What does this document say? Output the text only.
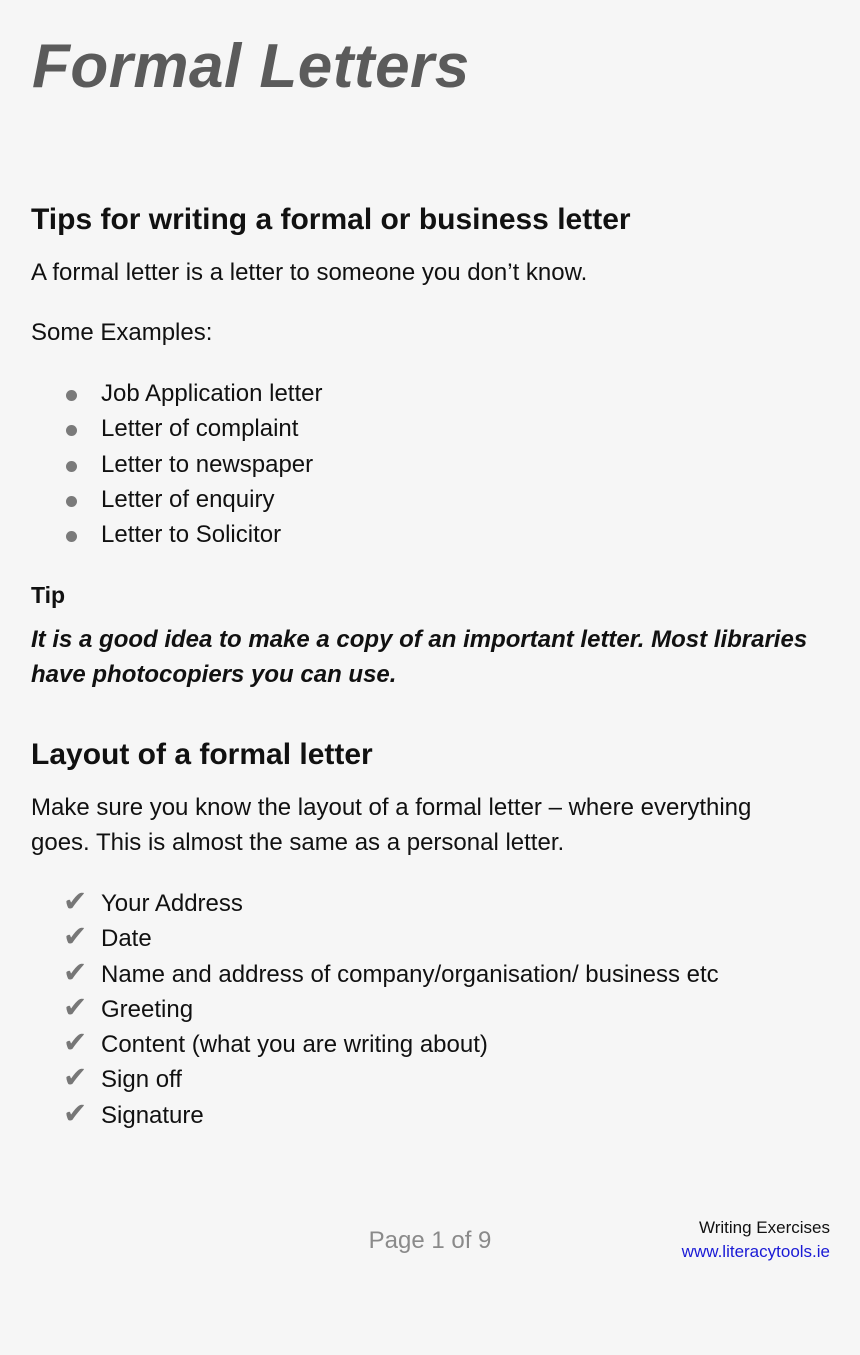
Formal Letters
Tips for writing a formal or business letter

A formal letter is a letter to someone you don’t know.

Some Examples:

Job Application letter
Letter of complaint
Letter to newspaper
Letter of enquiry
Letter to Solicitor

Tip

It is a good idea to make a copy of an important letter. Most libraries have photocopiers you can use.

Layout of a formal letter

Make sure you know the layout of a formal letter – where everything goes. This is almost the same as a personal letter.

✔ Your Address
✔ Date
✔ Name and address of company/organisation/ business etc
✔ Greeting
✔ Content (what you are writing about)
✔ Sign off
✔ Signature
Page 1 of 9	Writing Exercises
www.literacytools.ie
